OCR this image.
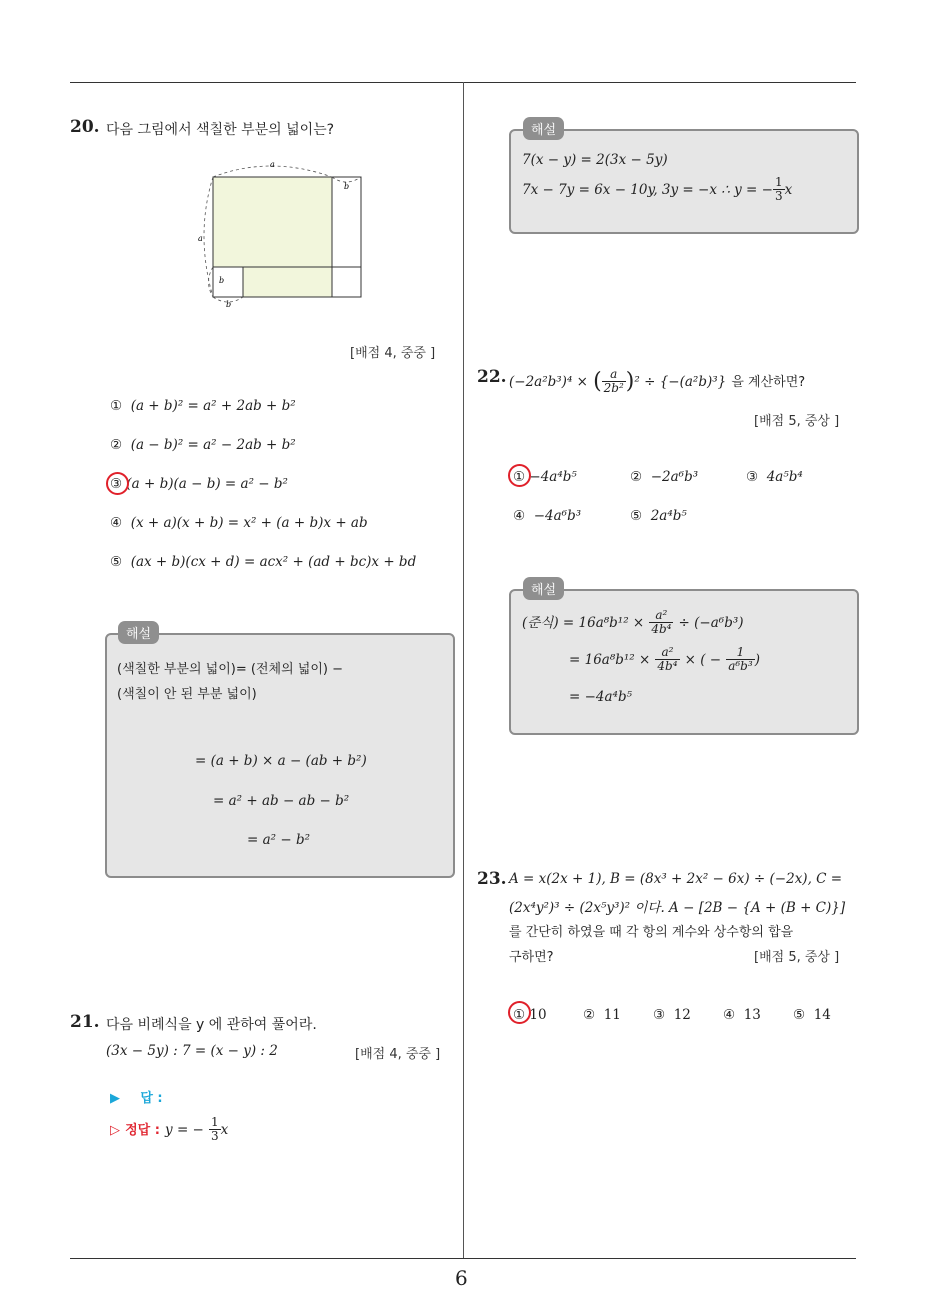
6
20. 다음 그림에서 색칠한 부분의 넓이는?
a
b
a
b
b
[배점 4, 중중 ]
① (a + b)² = a² + 2ab + b²
② (a − b)² = a² − 2ab + b²
③ (a + b)(a − b) = a² − b²
④ (x + a)(x + b) = x² + (a + b)x + ab
⑤ (ax + b)(cx + d) = acx² + (ad + bc)x + bd
해설
(색칠한 부분의 넓이)= (전체의 넓이) −
(색칠이 안 된 부분 넓이)
= (a + b) × a − (ab + b²)
= a² + ab − ab − b²
= a² − b²
21. 다음 비례식을 y 에 관하여 풀어라.
(3x − 5y) : 7 = (x − y) : 2	[배점 4, 중중 ]
▶ 답 :
▷ 정답 : y = − $\frac{1}{3}$ x
해설
7(x − y) = 2(3x − 5y)
7x − 7y = 6x − 10y, 3y = −x ∴ y = − $\frac{1}{3}$ x
22. (−2a²b³)⁴ × ( $\frac{a}{\text{2b²}} )^2 \div \{-(a^2b)^3\}$ 을 계산하면?
[배점 5, 중상 ]
① −4a⁴b⁵	② −2a⁶b³	③ 4a⁵b⁴
④ −4a⁶b³	⑤ 2a⁴b⁵
해설
(준식) = $16a^8b^{12} \times \frac{\text{a²}}{\text{4b⁴}} \div (-a^6b^3)$
= $16a^8b^{12} \times \frac{\text{a²}}{\text{4b⁴}}$ × ( − $\frac{1}{\text{a⁶b³}}$ )
= −4a⁴b⁵
23. A = x(2x + 1), B = (8x³ + 2x² − 6x) ÷ (−2x), C =
(2x⁴y²)³ ÷ (2x⁵y³)² 이다. A − [2B − {A + (B + C)}]
를 간단히 하였을 때 각 항의 계수와 상수항의 합을
구하면?	[배점 5, 중상 ]
① 10	② 11 ③ 12 ④ 13 ⑤ 14
